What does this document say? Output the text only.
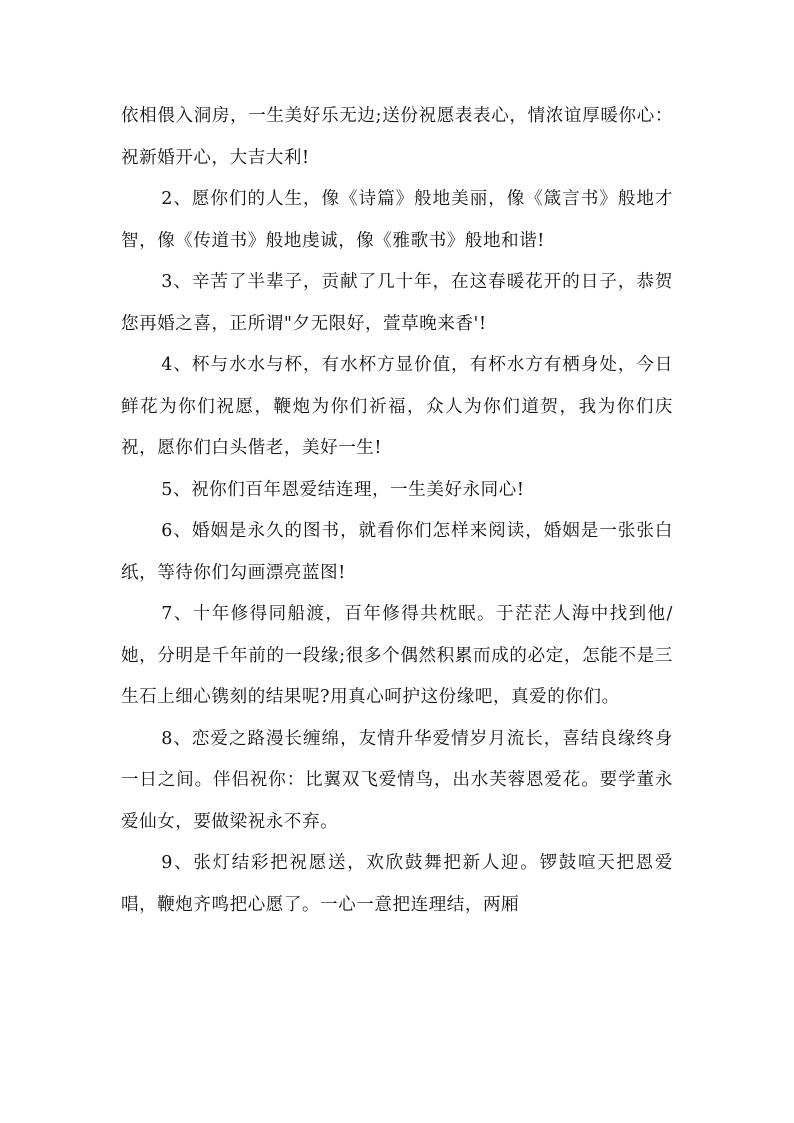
依相偎入洞房，一生美好乐无边;送份祝愿表表心，情浓谊厚暖你心：祝新婚开心，大吉大利!

2、愿你们的人生，像《诗篇》般地美丽，像《箴言书》般地才智，像《传道书》般地虔诚，像《雅歌书》般地和谐!

3、辛苦了半辈子，贡献了几十年，在这春暖花开的日子，恭贺您再婚之喜，正所谓"夕无限好，萱草晚来香'!

4、杯与水水与杯，有水杯方显价值，有杯水方有栖身处，今日鲜花为你们祝愿，鞭炮为你们祈福，众人为你们道贺，我为你们庆祝，愿你们白头偕老，美好一生!

5、祝你们百年恩爱结连理，一生美好永同心!

6、婚姻是永久的图书，就看你们怎样来阅读，婚姻是一张张白纸，等待你们勾画漂亮蓝图!

7、十年修得同船渡，百年修得共枕眠。于茫茫人海中找到他/她，分明是千年前的一段缘;很多个偶然积累而成的必定，怎能不是三生石上细心镌刻的结果呢?用真心呵护这份缘吧，真爱的你们。

8、恋爱之路漫长缠绵，友情升华爱情岁月流长，喜结良缘终身一日之间。伴侣祝你：比翼双飞爱情鸟，出水芙蓉恩爱花。要学董永爱仙女，要做梁祝永不弃。

9、张灯结彩把祝愿送，欢欣鼓舞把新人迎。锣鼓喧天把恩爱唱，鞭炮齐鸣把心愿了。一心一意把连理结，两厢
